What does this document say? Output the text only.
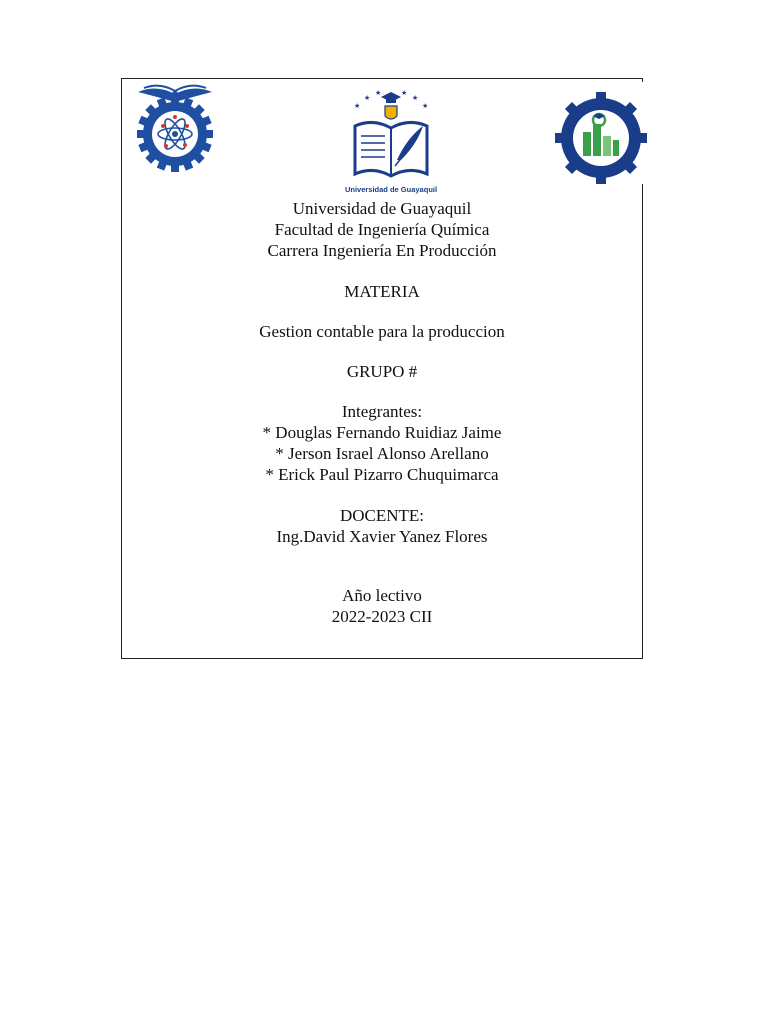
★
★
★	★
★
★
Universidad de Guayaquil
Universidad de Guayaquil
Facultad de Ingeniería Química
Carrera Ingeniería En Producción
MATERIA
Gestion contable para la produccion
GRUPO #
Integrantes:
* Douglas Fernando Ruidiaz Jaime
* Jerson Israel Alonso Arellano
* Erick Paul Pizarro Chuquimarca
DOCENTE:
Ing.David Xavier Yanez Flores
Año lectivo
2022-2023 CII
